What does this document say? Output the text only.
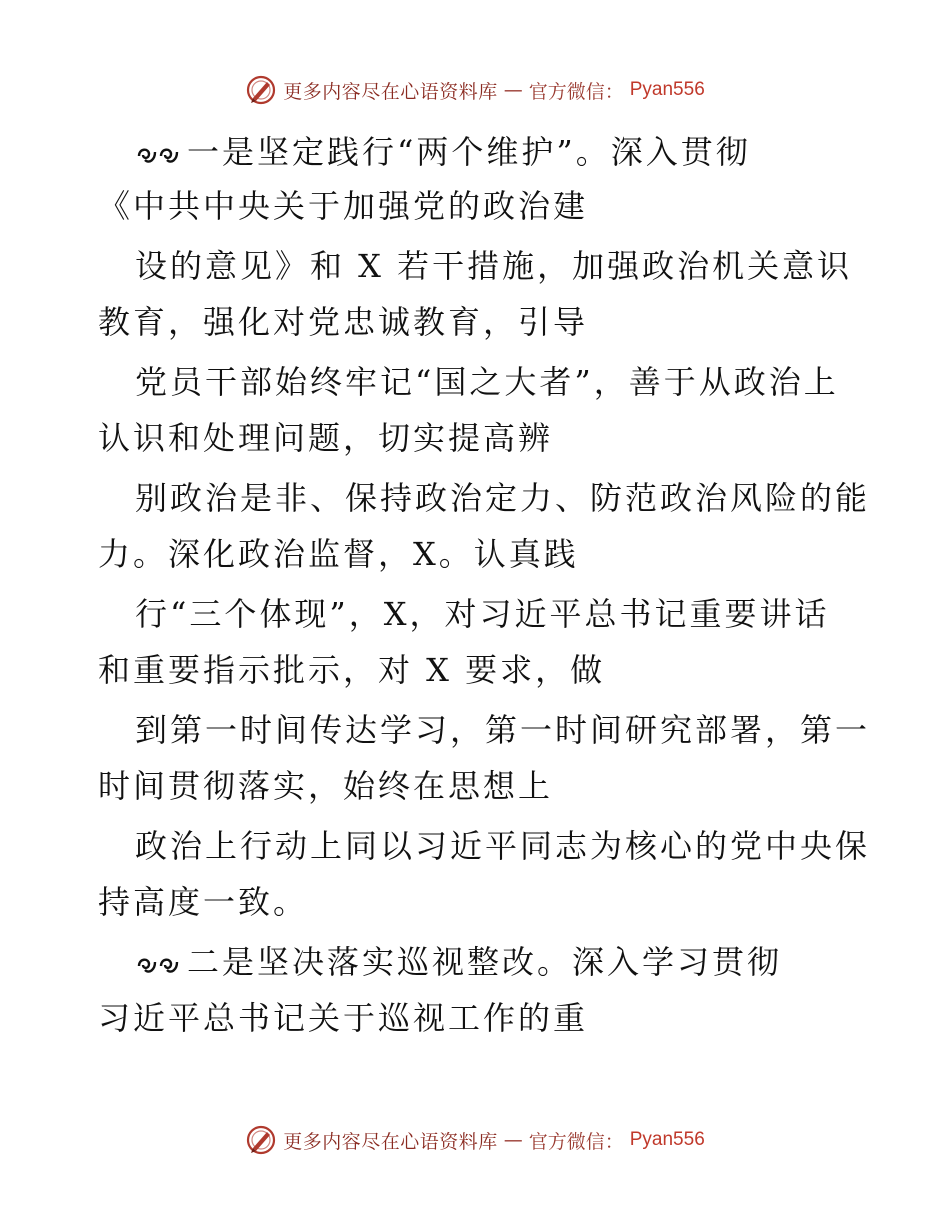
更多内容尽在心语资料库 — 官方微信： Pyan556
一是坚定践行“两个维护”。深入贯彻
《中共中央关于加强党的政治建
设的意见》和 X 若干措施，加强政治机关意识
教育，强化对党忠诚教育，引导
党员干部始终牢记“国之大者”，善于从政治上
认识和处理问题，切实提高辨
别政治是非、保持政治定力、防范政治风险的能
力。深化政治监督，X。认真践
行“三个体现”，X，对习近平总书记重要讲话
和重要指示批示，对 X 要求，做
到第一时间传达学习，第一时间研究部署，第一
时间贯彻落实，始终在思想上
政治上行动上同以习近平同志为核心的党中央保
持高度一致。
二是坚决落实巡视整改。深入学习贯彻
习近平总书记关于巡视工作的重
更多内容尽在心语资料库 — 官方微信： Pyan556
